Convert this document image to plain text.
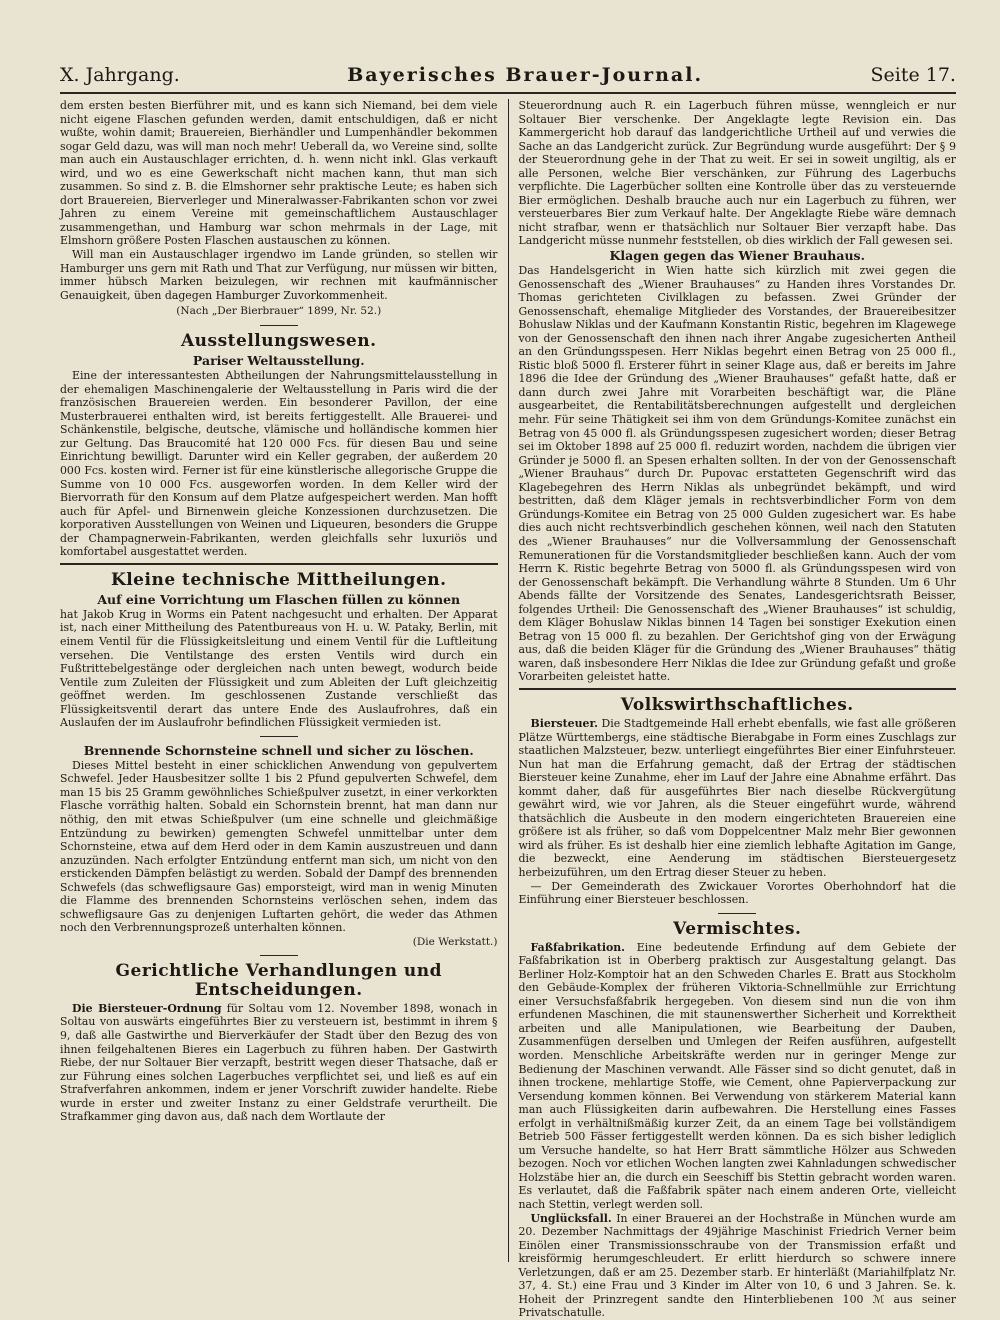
X. Jahrgang.	Bayerisches Brauer-Journal.	Seite 17.

dem ersten besten Bierführer mit, und es kann sich Niemand, bei dem viele nicht eigene Flaschen gefunden werden, damit entschuldigen, daß er nicht wußte, wohin damit; Brauereien, Bierhändler und Lumpenhändler bekommen sogar Geld dazu, was will man noch mehr! Ueberall da, wo Vereine sind, sollte man auch ein Austauschlager errichten, d. h. wenn nicht inkl. Glas verkauft wird, und wo es eine Gewerkschaft nicht machen kann, thut man sich zusammen. So sind z. B. die Elmshorner sehr praktische Leute; es haben sich dort Brauereien, Bierverleger und Mineralwasser-Fabrikanten schon vor zwei Jahren zu einem Vereine mit gemeinschaftlichem Austauschlager zusammengethan, und Hamburg war schon mehrmals in der Lage, mit Elmshorn größere Posten Flaschen austauschen zu können.

Will man ein Austauschlager irgendwo im Lande gründen, so stellen wir Hamburger uns gern mit Rath und That zur Verfügung, nur müssen wir bitten, immer hübsch Marken beizulegen, wir rechnen mit kaufmännischer Genauigkeit, üben dagegen Hamburger Zuvorkommenheit.

(Nach „Der Bierbrauer“ 1899, Nr. 52.)

Ausstellungswesen.
Pariser Weltausstellung.

Eine der interessantesten Abtheilungen der Nahrungsmittelausstellung in der ehemaligen Maschinengalerie der Weltausstellung in Paris wird die der französischen Brauereien werden. Ein besonderer Pavillon, der eine Musterbrauerei enthalten wird, ist bereits fertiggestellt. Alle Brauerei- und Schänkenstile, belgische, deutsche, vlämische und holländische kommen hier zur Geltung. Das Braucomité hat 120 000 Fcs. für diesen Bau und seine Einrichtung bewilligt. Darunter wird ein Keller gegraben, der außerdem 20 000 Fcs. kosten wird. Ferner ist für eine künstlerische allegorische Gruppe die Summe von 10 000 Fcs. ausgeworfen worden. In dem Keller wird der Biervorrath für den Konsum auf dem Platze aufgespeichert werden. Man hofft auch für Apfel- und Birnenwein gleiche Konzessionen durchzusetzen. Die korporativen Ausstellungen von Weinen und Liqueuren, besonders die Gruppe der Champagnerwein-Fabrikanten, werden gleichfalls sehr luxuriös und komfortabel ausgestattet werden.

Kleine technische Mittheilungen.
Auf eine Vorrichtung um Flaschen füllen zu können

hat Jakob Krug in Worms ein Patent nachgesucht und erhalten. Der Apparat ist, nach einer Mittheilung des Patentbureaus von H. u. W. Pataky, Berlin, mit einem Ventil für die Flüssigkeitsleitung und einem Ventil für die Luftleitung versehen. Die Ventilstange des ersten Ventils wird durch ein Fußtrittebelgestänge oder dergleichen nach unten bewegt, wodurch beide Ventile zum Zuleiten der Flüssigkeit und zum Ableiten der Luft gleichzeitig geöffnet werden. Im geschlossenen Zustande verschließt das Flüssigkeitsventil derart das untere Ende des Auslaufrohres, daß ein Auslaufen der im Auslaufrohr befindlichen Flüssigkeit vermieden ist.

Brennende Schornsteine schnell und sicher zu löschen.

Dieses Mittel besteht in einer schicklichen Anwendung von gepulvertem Schwefel. Jeder Hausbesitzer sollte 1 bis 2 Pfund gepulverten Schwefel, dem man 15 bis 25 Gramm gewöhnliches Schießpulver zusetzt, in einer verkorkten Flasche vorräthig halten. Sobald ein Schornstein brennt, hat man dann nur nöthig, den mit etwas Schießpulver (um eine schnelle und gleichmäßige Entzündung zu bewirken) gemengten Schwefel unmittelbar unter dem Schornsteine, etwa auf dem Herd oder in dem Kamin auszustreuen und dann anzuzünden. Nach erfolgter Entzündung entfernt man sich, um nicht von den erstickenden Dämpfen belästigt zu werden. Sobald der Dampf des brennenden Schwefels (das schwefligsaure Gas) emporsteigt, wird man in wenig Minuten die Flamme des brennenden Schornsteins verlöschen sehen, indem das schwefligsaure Gas zu denjenigen Luftarten gehört, die weder das Athmen noch den Verbrennungsprozeß unterhalten können.

(Die Werkstatt.)

Gerichtliche Verhandlungen und Entscheidungen.

Die Biersteuer-Ordnung für Soltau vom 12. November 1898, wonach in Soltau von auswärts eingeführtes Bier zu versteuern ist, bestimmt in ihrem § 9, daß alle Gastwirthe und Bierverkäufer der Stadt über den Bezug des von ihnen feilgehaltenen Bieres ein Lagerbuch zu führen haben. Der Gastwirth Riebe, der nur Soltauer Bier verzapft, bestritt wegen dieser Thatsache, daß er zur Führung eines solchen Lagerbuches verpflichtet sei, und ließ es auf ein Strafverfahren ankommen, indem er jener Vorschrift zuwider handelte. Riebe wurde in erster und zweiter Instanz zu einer Geldstrafe verurtheilt. Die Strafkammer ging davon aus, daß nach dem Wortlaute der

Steuerordnung auch R. ein Lagerbuch führen müsse, wenngleich er nur Soltauer Bier verschenke. Der Angeklagte legte Revision ein. Das Kammergericht hob darauf das landgerichtliche Urtheil auf und verwies die Sache an das Landgericht zurück. Zur Begründung wurde ausgeführt: Der § 9 der Steuerordnung gehe in der That zu weit. Er sei in soweit ungiltig, als er alle Personen, welche Bier verschänken, zur Führung des Lagerbuchs verpflichte. Die Lagerbücher sollten eine Kontrolle über das zu versteuernde Bier ermöglichen. Deshalb brauche auch nur ein Lagerbuch zu führen, wer versteuerbares Bier zum Verkauf halte. Der Angeklagte Riebe wäre demnach nicht strafbar, wenn er thatsächlich nur Soltauer Bier verzapft habe. Das Landgericht müsse nunmehr feststellen, ob dies wirklich der Fall gewesen sei.

Klagen gegen das Wiener Brauhaus.

Das Handelsgericht in Wien hatte sich kürzlich mit zwei gegen die Genossenschaft des „Wiener Brauhauses“ zu Handen ihres Vorstandes Dr. Thomas gerichteten Civilklagen zu befassen. Zwei Gründer der Genossenschaft, ehemalige Mitglieder des Vorstandes, der Brauereibesitzer Bohuslaw Niklas und der Kaufmann Konstantin Ristic, begehren im Klagewege von der Genossenschaft den ihnen nach ihrer Angabe zugesicherten Antheil an den Gründungsspesen. Herr Niklas begehrt einen Betrag von 25 000 fl., Ristic bloß 5000 fl. Ersterer führt in seiner Klage aus, daß er bereits im Jahre 1896 die Idee der Gründung des „Wiener Brauhauses“ gefaßt hatte, daß er dann durch zwei Jahre mit Vorarbeiten beschäftigt war, die Pläne ausgearbeitet, die Rentabilitätsberechnungen aufgestellt und dergleichen mehr. Für seine Thätigkeit sei ihm von dem Gründungs-Komitee zunächst ein Betrag von 45 000 fl. als Gründungsspesen zugesichert worden; dieser Betrag sei im Oktober 1898 auf 25 000 fl. reduzirt worden, nachdem die übrigen vier Gründer je 5000 fl. an Spesen erhalten sollten. In der von der Genossenschaft „Wiener Brauhaus“ durch Dr. Pupovac erstatteten Gegenschrift wird das Klagebegehren des Herrn Niklas als unbegründet bekämpft, und wird bestritten, daß dem Kläger jemals in rechtsverbindlicher Form von dem Gründungs-Komitee ein Betrag von 25 000 Gulden zugesichert war. Es habe dies auch nicht rechtsverbindlich geschehen können, weil nach den Statuten des „Wiener Brauhauses“ nur die Vollversammlung der Genossenschaft Remunerationen für die Vorstandsmitglieder beschließen kann. Auch der vom Herrn K. Ristic begehrte Betrag von 5000 fl. als Gründungsspesen wird von der Genossenschaft bekämpft. Die Verhandlung währte 8 Stunden. Um 6 Uhr Abends fällte der Vorsitzende des Senates, Landesgerichtsrath Beisser, folgendes Urtheil: Die Genossenschaft des „Wiener Brauhauses“ ist schuldig, dem Kläger Bohuslaw Niklas binnen 14 Tagen bei sonstiger Exekution einen Betrag von 15 000 fl. zu bezahlen. Der Gerichtshof ging von der Erwägung aus, daß die beiden Kläger für die Gründung des „Wiener Brauhauses“ thätig waren, daß insbesondere Herr Niklas die Idee zur Gründung gefaßt und große Vorarbeiten geleistet hatte.

Volkswirthschaftliches.

Biersteuer. Die Stadtgemeinde Hall erhebt ebenfalls, wie fast alle größeren Plätze Württembergs, eine städtische Bierabgabe in Form eines Zuschlags zur staatlichen Malzsteuer, bezw. unterliegt eingeführtes Bier einer Einfuhrsteuer. Nun hat man die Erfahrung gemacht, daß der Ertrag der städtischen Biersteuer keine Zunahme, eher im Lauf der Jahre eine Abnahme erfährt. Das kommt daher, daß für ausgeführtes Bier nach dieselbe Rückvergütung gewährt wird, wie vor Jahren, als die Steuer eingeführt wurde, während thatsächlich die Ausbeute in den modern eingerichteten Brauereien eine größere ist als früher, so daß vom Doppelcentner Malz mehr Bier gewonnen wird als früher. Es ist deshalb hier eine ziemlich lebhafte Agitation im Gange, die bezweckt, eine Aenderung im städtischen Biersteuergesetz herbeizuführen, um den Ertrag dieser Steuer zu heben.

— Der Gemeinderath des Zwickauer Vorortes Oberhohndorf hat die Einführung einer Biersteuer beschlossen.

Vermischtes.

Faßfabrikation. Eine bedeutende Erfindung auf dem Gebiete der Faßfabrikation ist in Oberberg praktisch zur Ausgestaltung gelangt. Das Berliner Holz-Komptoir hat an den Schweden Charles E. Bratt aus Stockholm den Gebäude-Komplex der früheren Viktoria-Schnellmühle zur Errichtung einer Versuchsfaßfabrik hergegeben. Von diesem sind nun die von ihm erfundenen Maschinen, die mit staunenswerther Sicherheit und Korrektheit arbeiten und alle Manipulationen, wie Bearbeitung der Dauben, Zusammenfügen derselben und Umlegen der Reifen ausführen, aufgestellt worden. Menschliche Arbeitskräfte werden nur in geringer Menge zur Bedienung der Maschinen verwandt. Alle Fässer sind so dicht genutet, daß in ihnen trockene, mehlartige Stoffe, wie Cement, ohne Papierverpackung zur Versendung kommen können. Bei Verwendung von stärkerem Material kann man auch Flüssigkeiten darin aufbewahren. Die Herstellung eines Fasses erfolgt in verhältnißmäßig kurzer Zeit, da an einem Tage bei vollständigem Betrieb 500 Fässer fertiggestellt werden können. Da es sich bisher lediglich um Versuche handelte, so hat Herr Bratt sämmtliche Hölzer aus Schweden bezogen. Noch vor etlichen Wochen langten zwei Kahnladungen schwedischer Holzstäbe hier an, die durch ein Seeschiff bis Stettin gebracht worden waren. Es verlautet, daß die Faßfabrik später nach einem anderen Orte, vielleicht nach Stettin, verlegt werden soll.

Unglücksfall. In einer Brauerei an der Hochstraße in München wurde am 20. Dezember Nachmittags der 49jährige Maschinist Friedrich Verner beim Einölen einer Transmissionsschraube von der Transmission erfaßt und kreisförmig herumgeschleudert. Er erlitt hierdurch so schwere innere Verletzungen, daß er am 25. Dezember starb. Er hinterläßt (Mariahilfplatz Nr. 37, 4. St.) eine Frau und 3 Kinder im Alter von 10, 6 und 3 Jahren. Se. k. Hoheit der Prinzregent sandte den Hinterbliebenen 100 ℳ aus seiner Privatschatulle.
